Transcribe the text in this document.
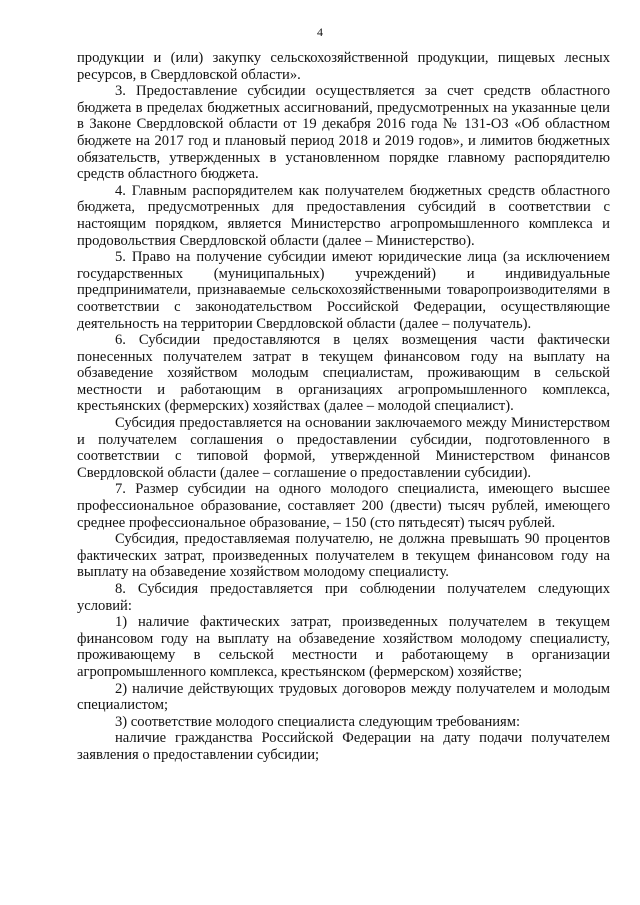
4

продукции и (или) закупку сельскохозяйственной продукции, пищевых лесных ресурсов, в Свердловской области».

3. Предоставление субсидии осуществляется за счет средств областного бюджета в пределах бюджетных ассигнований, предусмотренных на указанные цели в Законе Свердловской области от 19 декабря 2016 года № 131-ОЗ «Об областном бюджете на 2017 год и плановый период 2018 и 2019 годов», и лимитов бюджетных обязательств, утвержденных в установленном порядке главному распорядителю средств областного бюджета.

4. Главным распорядителем как получателем бюджетных средств областного бюджета, предусмотренных для предоставления субсидий в соответствии с настоящим порядком, является Министерство агропромышленного комплекса и продовольствия Свердловской области (далее – Министерство).

5. Право на получение субсидии имеют юридические лица (за исключением государственных (муниципальных) учреждений) и индивидуальные предприниматели, признаваемые сельскохозяйственными товаропроизводителями в соответствии с законодательством Российской Федерации, осуществляющие деятельность на территории Свердловской области (далее – получатель).

6. Субсидии предоставляются в целях возмещения части фактически понесенных получателем затрат в текущем финансовом году на выплату на обзаведение хозяйством молодым специалистам, проживающим в сельской местности и работающим в организациях агропромышленного комплекса, крестьянских (фермерских) хозяйствах (далее – молодой специалист).

Субсидия предоставляется на основании заключаемого между Министерством и получателем соглашения о предоставлении субсидии, подготовленного в соответствии с типовой формой, утвержденной Министерством финансов Свердловской области (далее – соглашение о предоставлении субсидии).

7. Размер субсидии на одного молодого специалиста, имеющего высшее профессиональное образование, составляет 200 (двести) тысяч рублей, имеющего среднее профессиональное образование, – 150 (сто пятьдесят) тысяч рублей.

Субсидия, предоставляемая получателю, не должна превышать 90 процентов фактических затрат, произведенных получателем в текущем финансовом году на выплату на обзаведение хозяйством молодому специалисту.

8. Субсидия предоставляется при соблюдении получателем следующих условий:

1) наличие фактических затрат, произведенных получателем в текущем финансовом году на выплату на обзаведение хозяйством молодому специалисту, проживающему в сельской местности и работающему в организации агропромышленного комплекса, крестьянском (фермерском) хозяйстве;

2) наличие действующих трудовых договоров между получателем и молодым специалистом;

3) соответствие молодого специалиста следующим требованиям:

наличие гражданства Российской Федерации на дату подачи получателем заявления о предоставлении субсидии;
